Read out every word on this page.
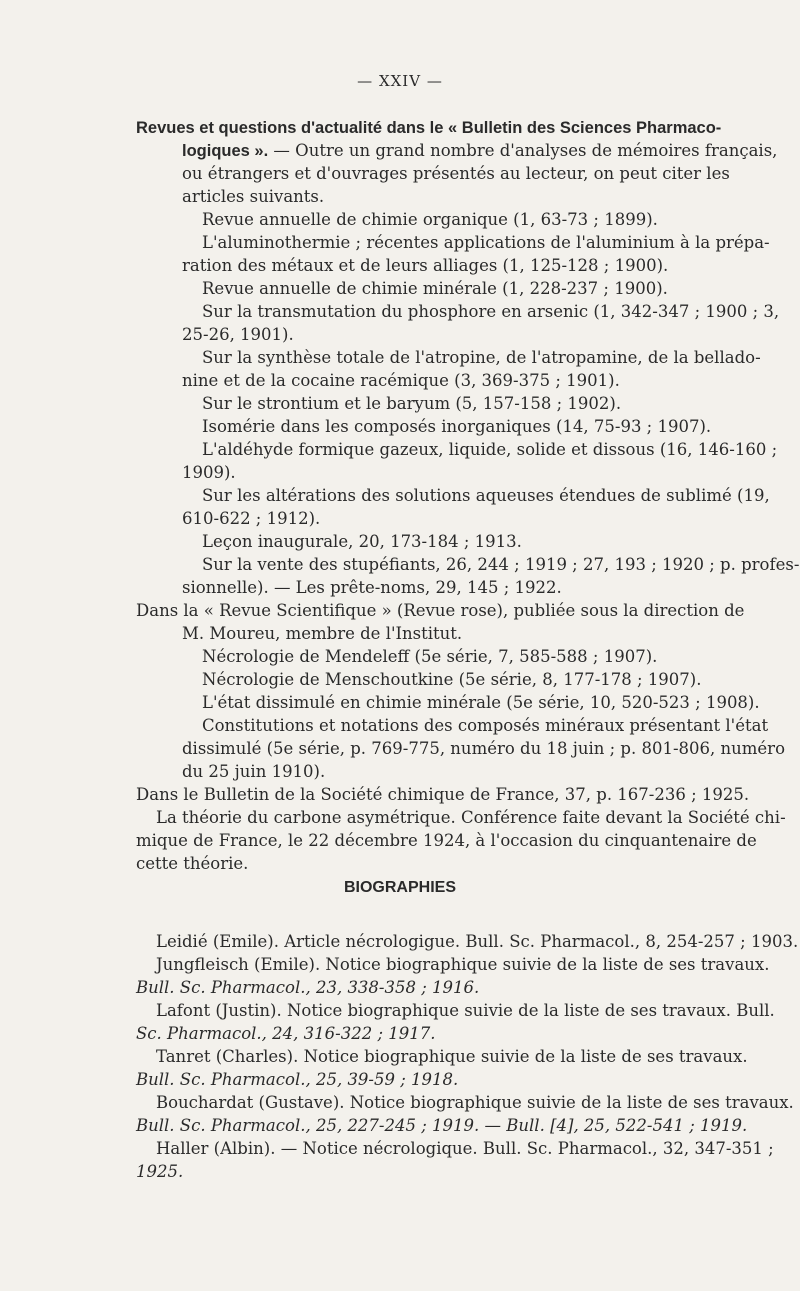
— XXIV —
Revues et questions d'actualité dans le « Bulletin des Sciences Pharmaco-
logiques ». — Outre un grand nombre d'analyses de mémoires français,
ou étrangers et d'ouvrages présentés au lecteur, on peut citer les
articles suivants.
Revue annuelle de chimie organique (1, 63-73 ; 1899).
L'aluminothermie ; récentes applications de l'aluminium à la prépa-
ration des métaux et de leurs alliages (1, 125-128 ; 1900).
Revue annuelle de chimie minérale (1, 228-237 ; 1900).
Sur la transmutation du phosphore en arsenic (1, 342-347 ; 1900 ; 3,
25-26, 1901).
Sur la synthèse totale de l'atropine, de l'atropamine, de la bellado-
nine et de la cocaine racémique (3, 369-375 ; 1901).
Sur le strontium et le baryum (5, 157-158 ; 1902).
Isomérie dans les composés inorganiques (14, 75-93 ; 1907).
L'aldéhyde formique gazeux, liquide, solide et dissous (16, 146-160 ;
1909).
Sur les altérations des solutions aqueuses étendues de sublimé (19,
610-622 ; 1912).
Leçon inaugurale, 20, 173-184 ; 1913.
Sur la vente des stupéfiants, 26, 244 ; 1919 ; 27, 193 ; 1920 ; p. profes-
sionnelle). — Les prête-noms, 29, 145 ; 1922.
Dans la « Revue Scientifique » (Revue rose), publiée sous la direction de
M. Moureu, membre de l'Institut.
Nécrologie de Mendeleff (5e série, 7, 585-588 ; 1907).
Nécrologie de Menschoutkine (5e série, 8, 177-178 ; 1907).
L'état dissimulé en chimie minérale (5e série, 10, 520-523 ; 1908).
Constitutions et notations des composés minéraux présentant l'état
dissimulé (5e série, p. 769-775, numéro du 18 juin ; p. 801-806, numéro
du 25 juin 1910).
Dans le Bulletin de la Société chimique de France, 37, p. 167-236 ; 1925.
La théorie du carbone asymétrique. Conférence faite devant la Société chi-
mique de France, le 22 décembre 1924, à l'occasion du cinquantenaire de
cette théorie.
BIOGRAPHIES
Leidié (Emile). Article nécrologigue. Bull. Sc. Pharmacol., 8, 254-257 ; 1903.
Jungfleisch (Emile). Notice biographique suivie de la liste de ses travaux.
Bull. Sc. Pharmacol., 23, 338-358 ; 1916.
Lafont (Justin). Notice biographique suivie de la liste de ses travaux. Bull.
Sc. Pharmacol., 24, 316-322 ; 1917.
Tanret (Charles). Notice biographique suivie de la liste de ses travaux.
Bull. Sc. Pharmacol., 25, 39-59 ; 1918.
Bouchardat (Gustave). Notice biographique suivie de la liste de ses travaux.
Bull. Sc. Pharmacol., 25, 227-245 ; 1919. — Bull. [4], 25, 522-541 ; 1919.
Haller (Albin). — Notice nécrologique. Bull. Sc. Pharmacol., 32, 347-351 ;
1925.
